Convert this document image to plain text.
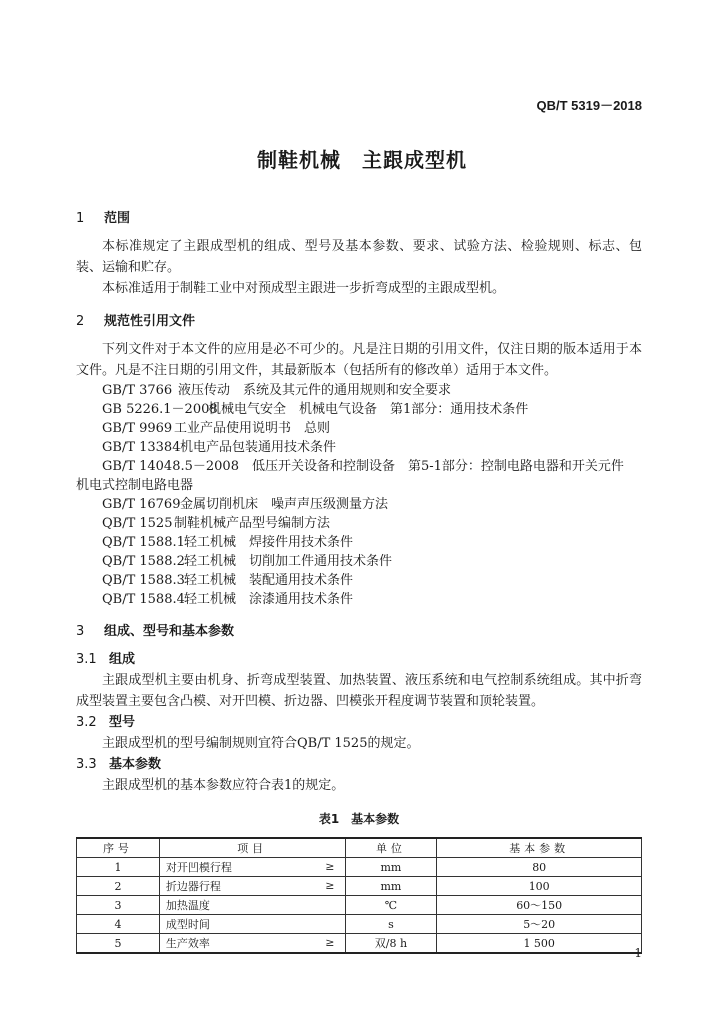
QB/T 5319－2018
制鞋机械　主跟成型机
1 范围
本标准规定了主跟成型机的组成、型号及基本参数、要求、试验方法、检验规则、标志、包装、运输和贮存。
本标准适用于制鞋工业中对预成型主跟进一步折弯成型的主跟成型机。
2 规范性引用文件
下列文件对于本文件的应用是必不可少的。凡是注日期的引用文件，仅注日期的版本适用于本文件。凡是不注日期的引用文件，其最新版本（包括所有的修改单）适用于本文件。
GB/T 3766 液压传动　系统及其元件的通用规则和安全要求
GB 5226.1－2008机械电气安全　机械电气设备　第1部分：通用技术条件
GB/T 9969 工业产品使用说明书　总则
GB/T 13384机电产品包装通用技术条件
GB/T 14048.5－2008　 低压开关设备和控制设备　第5-1部分：控制电路电器和开关元件　机电式控制电路电器
GB/T 16769金属切削机床　噪声声压级测量方法
QB/T 1525 制鞋机械产品型号编制方法
QB/T 1588.1轻工机械　焊接件用技术条件
QB/T 1588.2轻工机械　切削加工件通用技术条件
QB/T 1588.3轻工机械　装配通用技术条件
QB/T 1588.4轻工机械　涂漆通用技术条件
3 组成、型号和基本参数
3.1 组成
主跟成型机主要由机身、折弯成型装置、加热装置、液压系统和电气控制系统组成。其中折弯成型装置主要包含凸模、对开凹模、折边器、凹模张开程度调节装置和顶轮装置。
3.2 型号
主跟成型机的型号编制规则宜符合QB/T 1525的规定。
3.3 基本参数
主跟成型机的基本参数应符合表1的规定。
表1　基本参数
序号	项目	单位	基本参数
1	对开凹模行程 ≥	mm	80
2	折边器行程 ≥	mm	100
3	加热温度	℃	60～150
4	成型时间	s	5～20
5	生产效率 ≥	双/8 h	1 500
1
